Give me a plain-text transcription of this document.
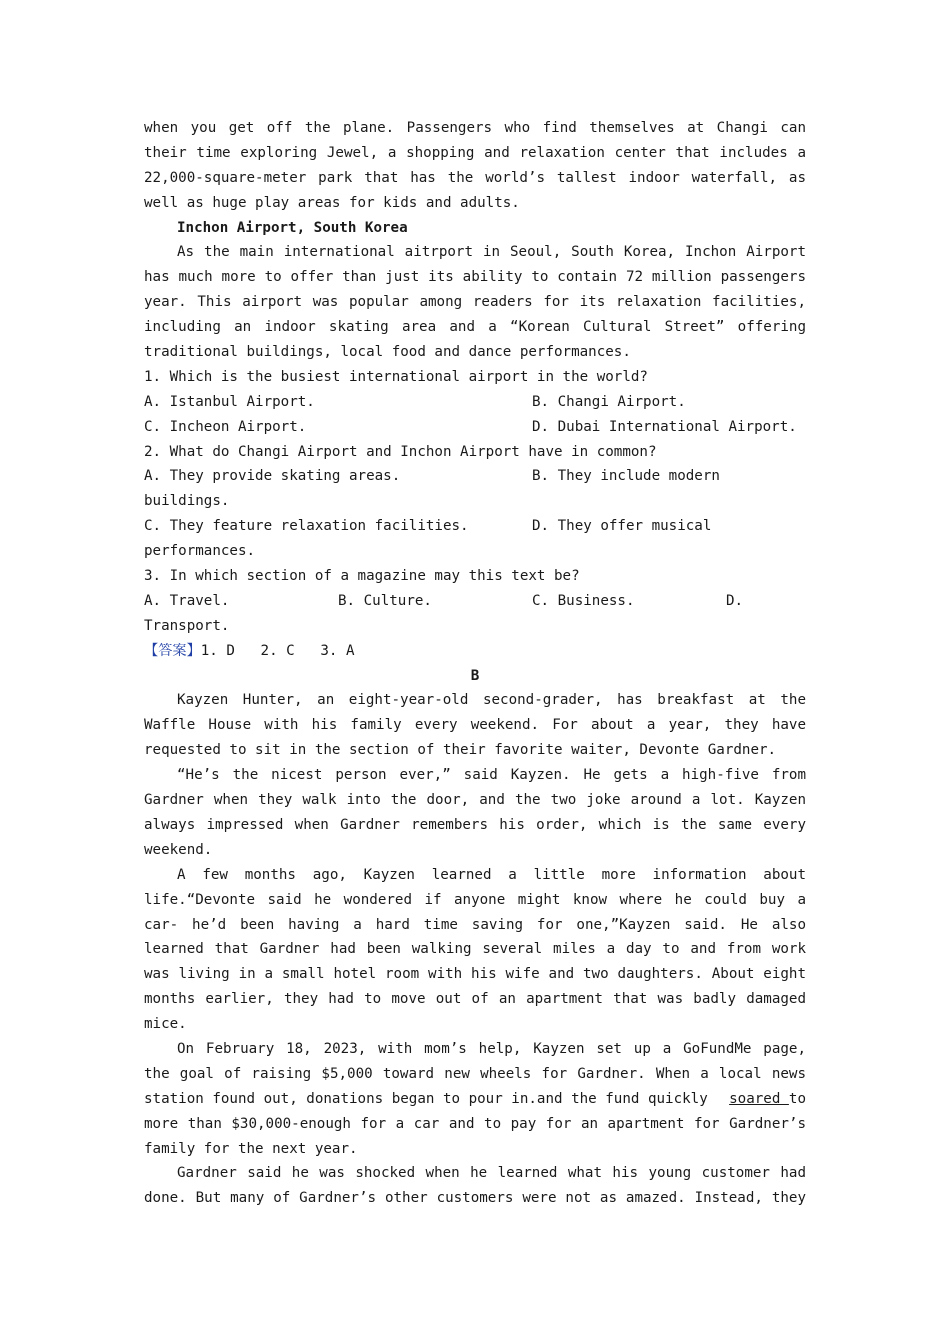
when you get off the plane. Passengers who find themselves at Changi can
their time exploring Jewel, a shopping and relaxation center that includes a
22,000-square-meter park that has the world’s tallest indoor waterfall, as
well as huge play areas for kids and adults.
Inchon Airport, South Korea
As the main international aitrport in Seoul, South Korea, Inchon Airport
has much more to offer than just its ability to contain 72 million passengers
year. This airport was popular among readers for its relaxation facilities,
including an indoor skating area and a “Korean Cultural Street” offering
traditional buildings, local food and dance performances.
1. Which is the busiest international airport in the world?
A. Istanbul Airport.	B. Changi Airport.
C. Incheon Airport.	D. Dubai International Airport.
2. What do Changi Airport and Inchon Airport have in common?
A. They provide skating areas.	B. They include modern
buildings.
C. They feature relaxation facilities.	D. They offer musical
performances.
3. In which section of a magazine may this text be?
A. Travel.	B. Culture.	C. Business.	D.
Transport.
【答案】1. D   2. C   3. A
B
Kayzen Hunter, an eight-year-old second-grader, has breakfast at the
Waffle House with his family every weekend. For about a year, they have
requested to sit in the section of their favorite waiter, Devonte Gardner.
“He’s the nicest person ever,” said Kayzen. He gets a high-five from
Gardner when they walk into the door, and the two joke around a lot. Kayzen
always impressed when Gardner remembers his order, which is the same every
weekend.
A few months ago, Kayzen learned a little more information about
life.“Devonte said he wondered if anyone might know where he could buy a
car- he’d been having a hard time saving for one,”Kayzen said. He also
learned that Gardner had been walking several miles a day to and from work
was living in a small hotel room with his wife and two daughters. About eight
months earlier, they had to move out of an apartment that was badly damaged
mice.
On February 18, 2023, with mom’s help, Kayzen set up a GoFundMe page,
the goal of raising $5,000 toward new wheels for Gardner. When a local news
station found out, donations began to pour in.and the fund quickly soared to
more than $30,000-enough for a car and to pay for an apartment for Gardner’s
family for the next year.
Gardner said he was shocked when he learned what his young customer had
done. But many of Gardner’s other customers were not as amazed. Instead, they
